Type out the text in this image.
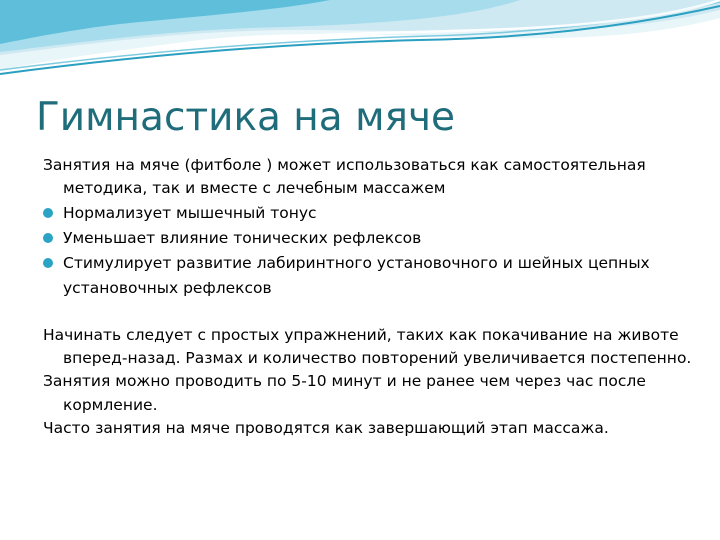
Гимнастика на мяче

Занятия на мяче (фитболе ) может использоваться как самостоятельная методика, так и вместе с лечебным массажем

Нормализует мышечный тонус
Уменьшает влияние тонических рефлексов
Стимулирует развитие лабиринтного установочного и шейных цепных установочных рефлексов

Начинать следует с простых упражнений, таких как покачивание на животе вперед-назад. Размах и количество повторений увеличивается постепенно.

Занятия можно проводить по 5-10 минут и не ранее чем через час после кормление.

Часто занятия на мяче проводятся как завершающий этап массажа.
